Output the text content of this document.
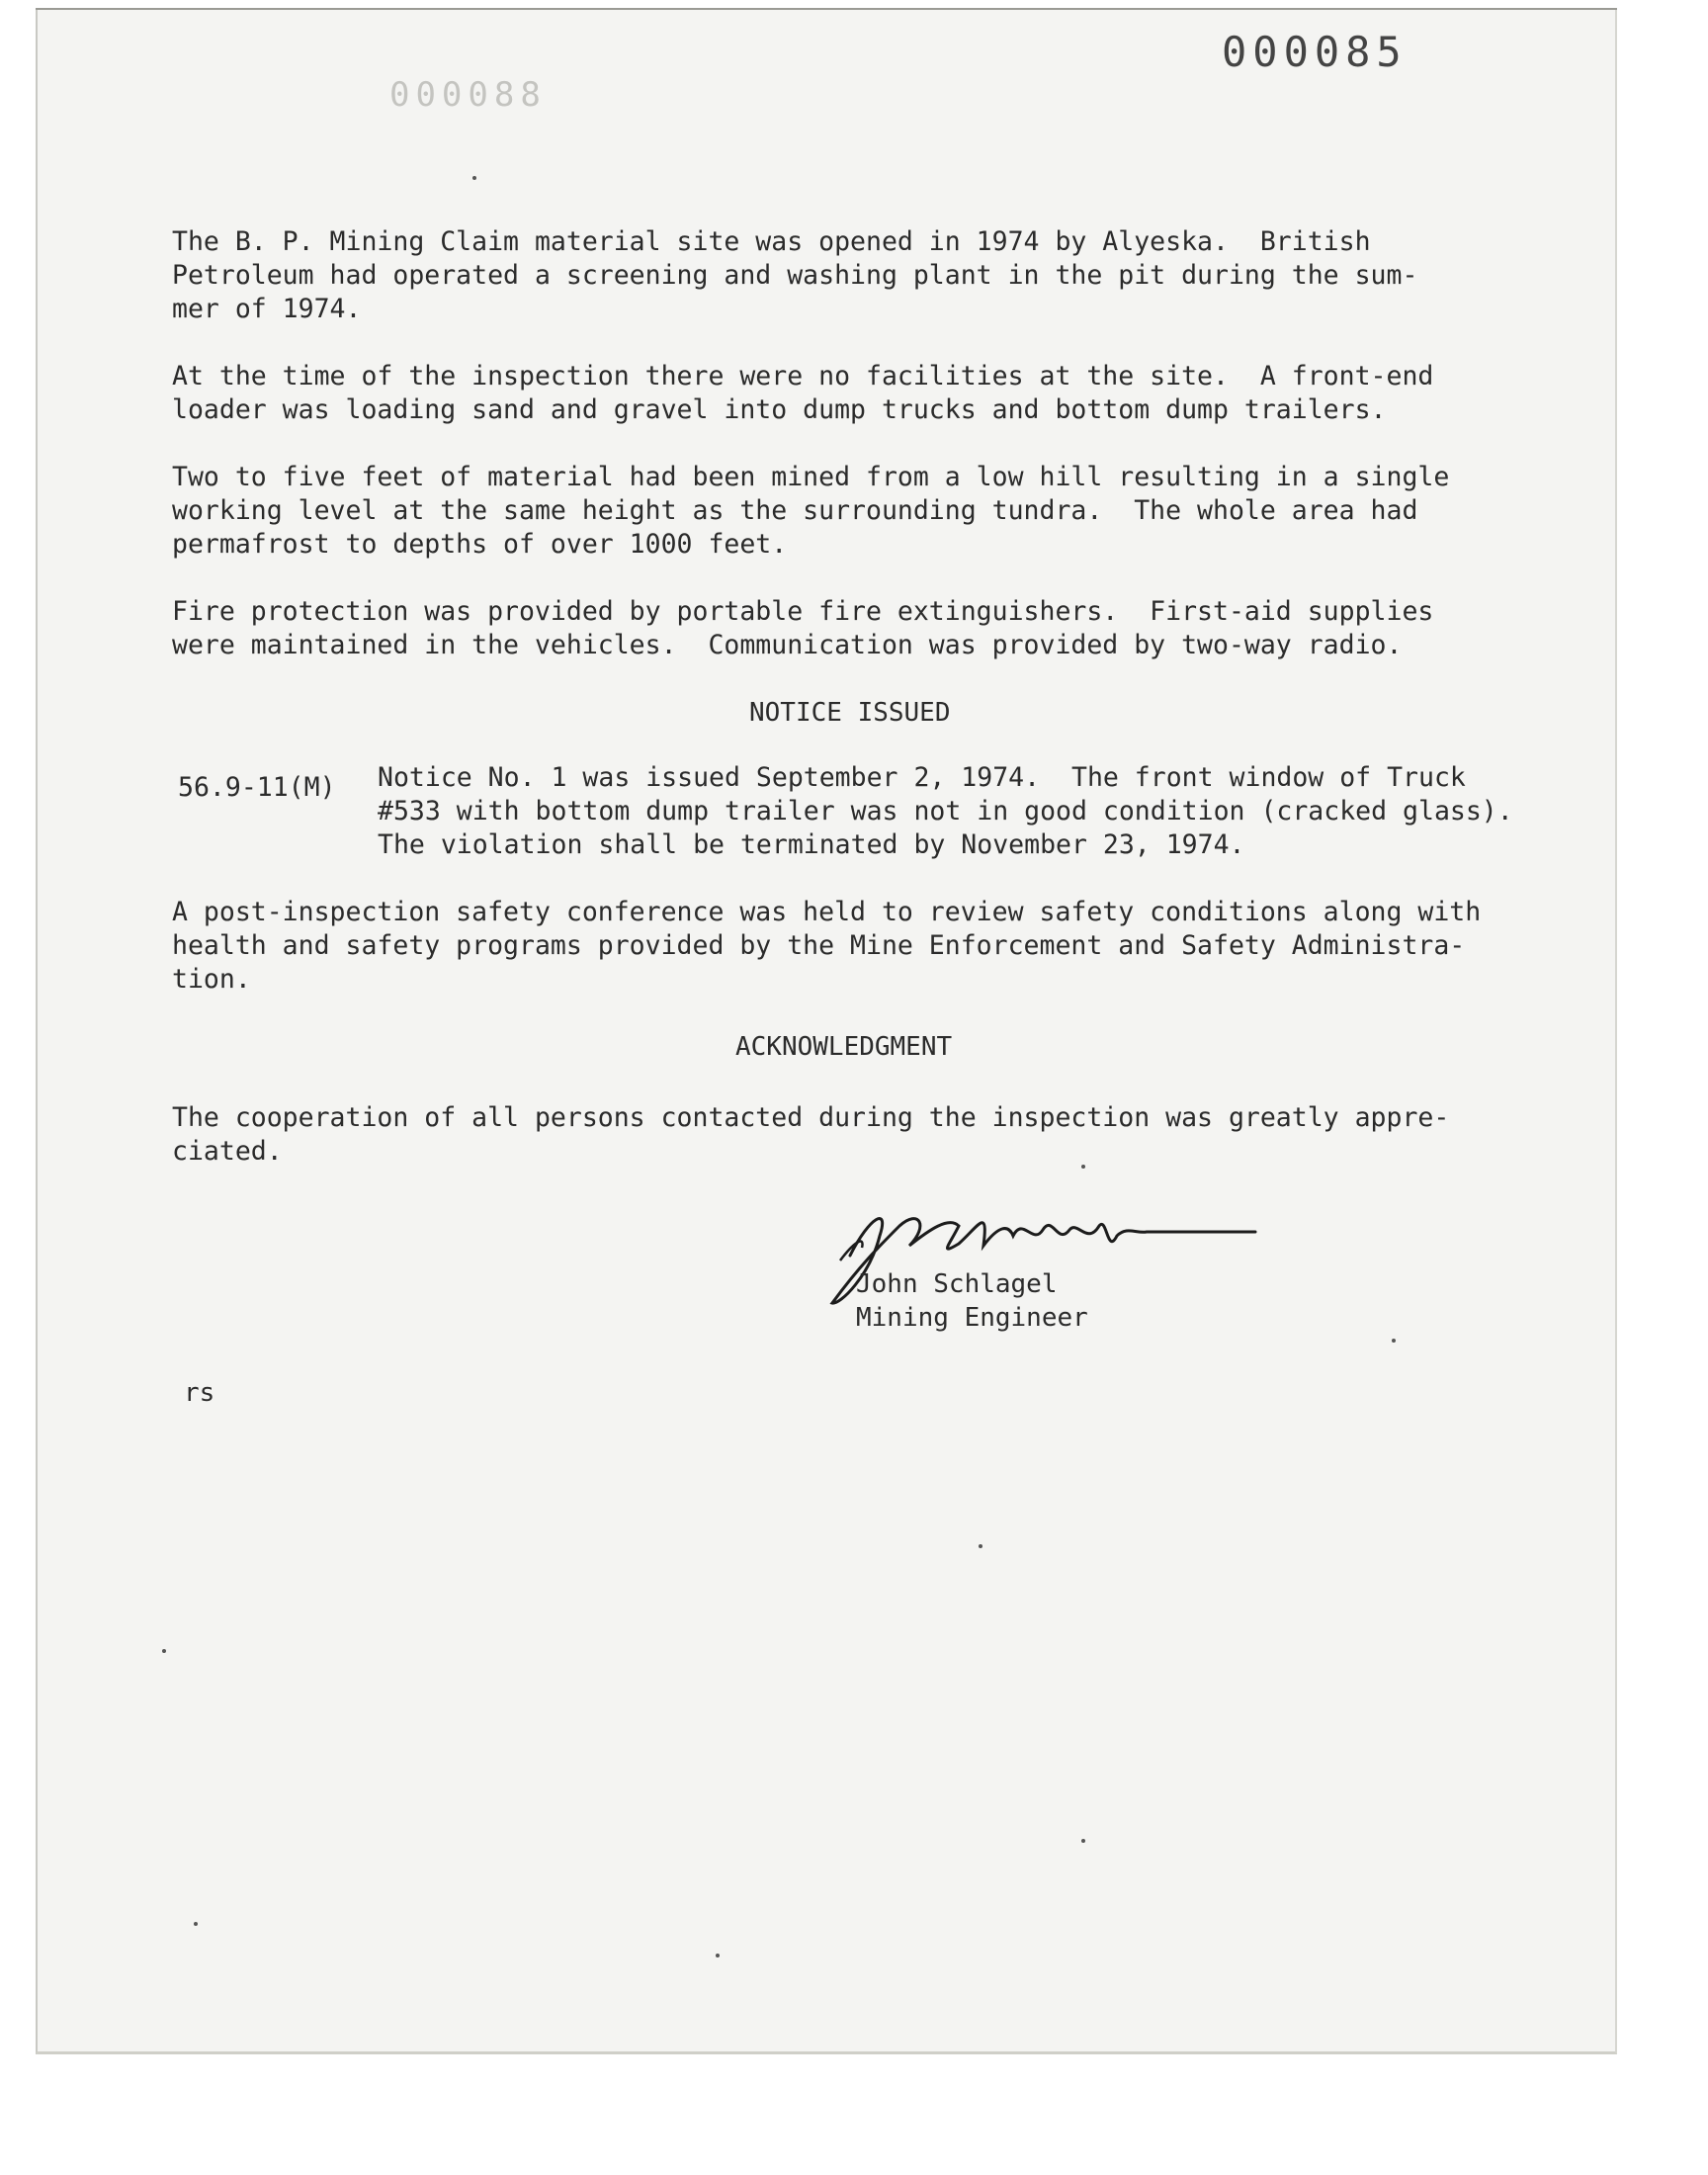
000085
880000

The B. P. Mining Claim material site was opened in 1974 by Alyeska.  British
Petroleum had operated a screening and washing plant in the pit during the sum-
mer of 1974.

At the time of the inspection there were no facilities at the site.  A front-end
loader was loading sand and gravel into dump trucks and bottom dump trailers.

Two to five feet of material had been mined from a low hill resulting in a single
working level at the same height as the surrounding tundra.  The whole area had
permafrost to depths of over 1000 feet.

Fire protection was provided by portable fire extinguishers.  First-aid supplies
were maintained in the vehicles.  Communication was provided by two-way radio.

NOTICE ISSUED
56.9-11(M) Notice No. 1 was issued September 2, 1974.  The front window of Truck
#533 with bottom dump trailer was not in good condition (cracked glass).
The violation shall be terminated by November 23, 1974.

A post-inspection safety conference was held to review safety conditions along with
health and safety programs provided by the Mine Enforcement and Safety Administra-
tion.

ACKNOWLEDGMENT

The cooperation of all persons contacted during the inspection was greatly appre-
ciated.

John Schlagel
Mining Engineer
rs
